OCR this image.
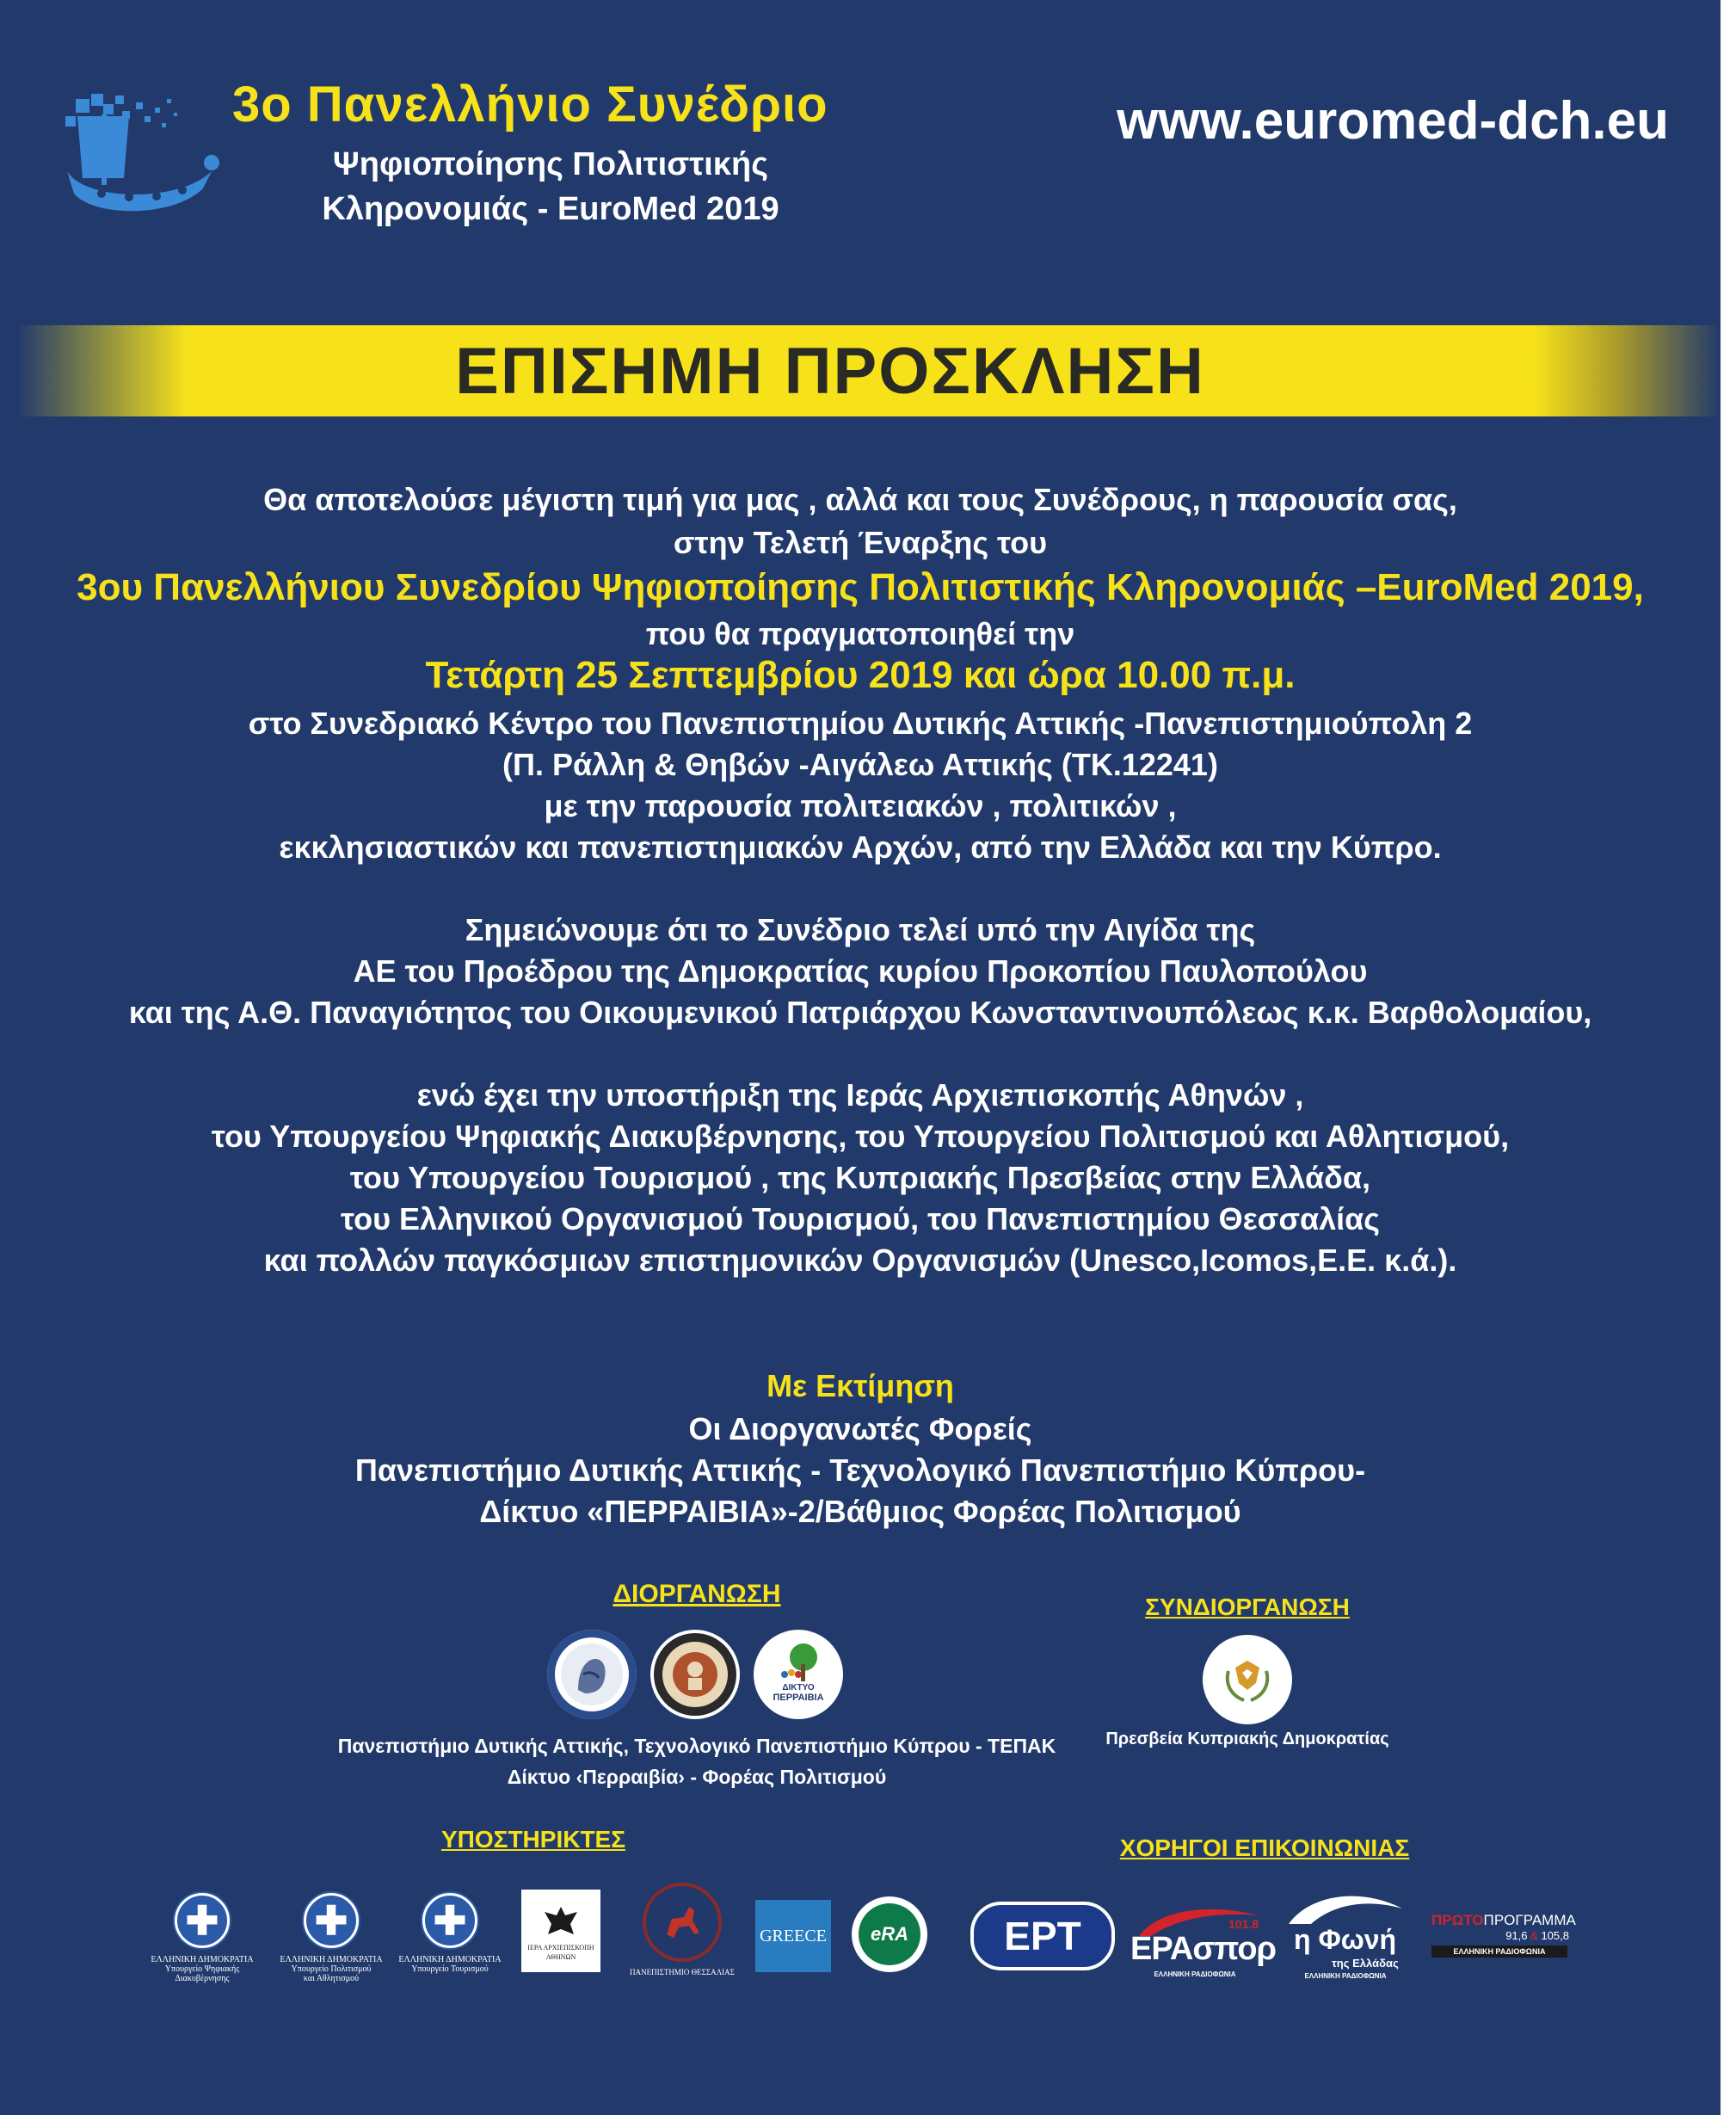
3ο Πανελλήνιο Συνέδριο
Ψηφιοποίησης Πολιτιστικής
Κληρονομιάς - EuroMed 2019
www.euromed-dch.eu
ΕΠΙΣΗΜΗ ΠΡΟΣΚΛΗΣΗ
Θα αποτελούσε μέγιστη τιμή για μας , αλλά και τους Συνέδρους, η παρουσία σας,
στην Τελετή Έναρξης του
3ου Πανελλήνιου Συνεδρίου Ψηφιοποίησης Πολιτιστικής Κληρονομιάς –EuroMed 2019,
που θα πραγματοποιηθεί την
Τετάρτη 25 Σεπτεμβρίου 2019 και ώρα 10.00 π.μ.
στο Συνεδριακό Κέντρο του Πανεπιστημίου Δυτικής Αττικής -Πανεπιστημιούπολη 2
(Π. Ράλλη & Θηβών -Αιγάλεω Αττικής (ΤΚ.12241)
με την παρουσία πολιτειακών , πολιτικών ,
εκκλησιαστικών και πανεπιστημιακών Αρχών, από την Ελλάδα και την Κύπρο.
Σημειώνουμε ότι το Συνέδριο τελεί υπό την Αιγίδα της
ΑΕ του Προέδρου της Δημοκρατίας κυρίου Προκοπίου Παυλοπούλου
και της Α.Θ. Παναγιότητος του Οικουμενικού Πατριάρχου Κωνσταντινουπόλεως κ.κ. Βαρθολομαίου,
ενώ έχει την υποστήριξη της Ιεράς Αρχιεπισκοπής Αθηνών ,
του Υπουργείου Ψηφιακής Διακυβέρνησης, του Υπουργείου Πολιτισμού και Αθλητισμού,
του Υπουργείου Τουρισμού , της Κυπριακής Πρεσβείας στην Ελλάδα,
του Ελληνικού Οργανισμού Τουρισμού, του Πανεπιστημίου Θεσσαλίας
και πολλών παγκόσμιων επιστημονικών Οργανισμών (Unesco,Icomos,Ε.Ε. κ.ά.).
Με Εκτίμηση
Οι Διοργανωτές Φορείς
Πανεπιστήμιο Δυτικής Αττικής - Τεχνολογικό Πανεπιστήμιο Κύπρου-
Δίκτυο «ΠΕΡΡΑΙΒΙΑ»-2/Βάθμιος Φορέας Πολιτισμού
ΔΙΟΡΓΑΝΩΣΗ
ΔΙΚΤΥΟ
ΠΕΡΡΑΙΒΙΑ
Πανεπιστήμιο Δυτικής Αττικής, Τεχνολογικό Πανεπιστήμιο Κύπρου - ΤΕΠΑΚ
Δίκτυο ‹Περραιβία› - Φορέας Πολιτισμού
ΣΥΝΔΙΟΡΓΑΝΩΣΗ
Πρεσβεία Κυπριακής Δημοκρατίας
ΥΠΟΣΤΗΡΙΚΤΕΣ
✚
ΕΛΛΗΝΙΚΗ ΔΗΜΟΚΡΑΤΙΑ
Υπουργείο Ψηφιακής Διακυβέρνησης
✚
ΕΛΛΗΝΙΚΗ ΔΗΜΟΚΡΑΤΙΑ
Υπουργείο Πολιτισμού
και Αθλητισμού
✚
ΕΛΛΗΝΙΚΗ ΔΗΜΟΚΡΑΤΙΑ
Υπουργείο Τουρισμού
ΙΕΡΑ ΑΡΧΙΕΠΙΣΚΟΠΗ ΑΘΗΝΩΝ
ΠΑΝΕΠΙΣΤΗΜΙΟ ΘΕΣΣΑΛΙΑΣ
GREECE eRA
ΧΟΡΗΓΟΙ ΕΠΙΚΟΙΝΩΝΙΑΣ
ΕΡΤ	101.8
ΕΡΑσπορ
ΕΛΛΗΝΙΚΗ ΡΑΔΙΟΦΩΝΙΑ
η Φωνή
της Ελλάδας
ΕΛΛΗΝΙΚΗ ΡΑΔΙΟΦΩΝΙΑ
ΠΡΩΤΟΠΡΟΓΡΑΜΜΑ
91,6 & 105,8
ΕΛΛΗΝΙΚΗ ΡΑΔΙΟΦΩΝΙΑ
